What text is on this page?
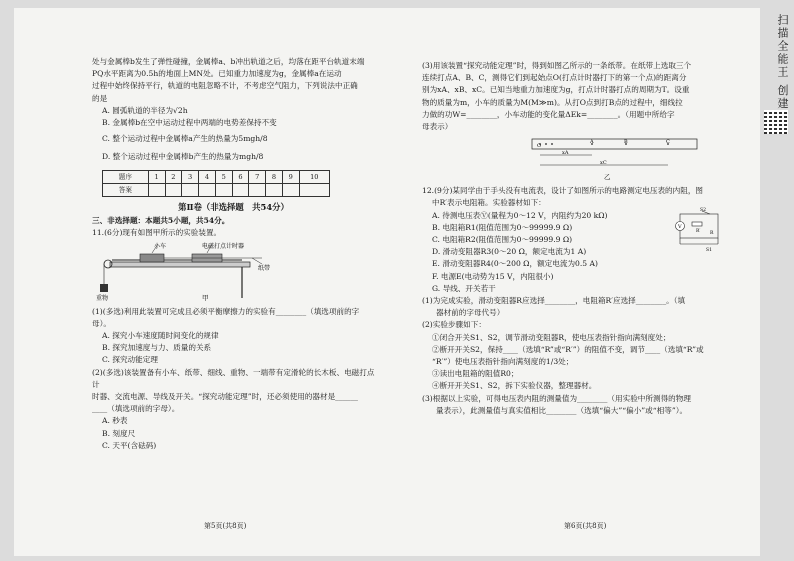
处与金属棒b发生了弹性碰撞，金属棒a、b冲出轨道之后，均落在距平台轨道末端

PQ水平距离为0.5h的地面上MN处。已知重力加速度为g，金属棒a在运动

过程中始终保持平行，轨道的电阻忽略不计，不考虑空气阻力，下列说法中正确

的是

A. 圆弧轨道的半径为√2h

B. 金属棒b在空中运动过程中两端的电势差保持不变

C. 整个运动过程中金属棒a产生的热量为5mgh/8

D. 整个运动过程中金属棒b产生的热量为mgh/8

题序	1	2	3	4	5	6	7	8	9	10
答案										

第Ⅱ卷（非选择题　共54分）

三、非选择题：本题共5小题，共54分。

11.(6分)现有如图甲所示的实验装置。

小车	电磁打点计时器
纸带
重物	甲

(1)(多选)利用此装置可完成且必须平衡摩擦力的实验有________（填选项前的字母）。

A. 探究小车速度随时间变化的规律

B. 探究加速度与力、质量的关系

C. 探究动能定理

(2)(多选)该装置备有小车、纸带、细线、重物、一端带有定滑轮的长木板、电磁打点计

时器、交流电源、导线及开关。“探究动能定理”时，还必须使用的器材是______

____（填选项前的字母）。

A. 秒表

B. 刻度尺

C. 天平(含砝码)

第5页(共8页)

(3)用该装置“探究动能定理”时，得到如图乙所示的一条纸带。在纸带上选取三个

连续打点A、B、C，测得它们到起始点O(打点计时器打下的第一个点)的距离分

别为xA、xB、xC。已知当地重力加速度为g，打点计时器打点的周期为T。设重

物的质量为m，小车的质量为M(M≫m)。从打O点到打B点的过程中，细线拉

力做的功W=________，小车动能的变化量ΔEk=________。（用题中所给字

母表示）

O
A	B	C
xA
xC
乙

12.(9分)某同学由于手头没有电流表，设计了如图所示的电路测定电压表的内阻，图

中R′表示电阻箱。实验器材如下：

A. 待测电压表Ⓥ(量程为0～12 V，内阻约为20 kΩ)

B. 电阻箱R1(阻值范围为0～99999.9 Ω)

C. 电阻箱R2(阻值范围为0～99999.9 Ω)

D. 滑动变阻器R3(0～20 Ω，额定电流为1 A)

E. 滑动变阻器R4(0～200 Ω，额定电流为0.5 A)

F. 电源E(电动势为15 V，内阻很小)

G. 导线、开关若干

V
S2
R′ R
S1

(1)为完成实验，滑动变阻器R应选择________，电阻箱R′应选择________。（填

器材前的字母代号）

(2)实验步骤如下：

①闭合开关S1、S2，调节滑动变阻器R，使电压表指针指向满刻度处；

②断开开关S2，保持____（选填“R”或“R′”）的阻值不变，调节____（选填“R”或

“R′”）使电压表指针指向满刻度的1/3处；

③读出电阻箱的阻值R0；

④断开开关S1、S2，拆下实验仪器，整理器材。

(3)根据以上实验，可得电压表内阻的测量值为________（用实验中所测得的物理

量表示），此测量值与真实值相比________（选填“偏大”“偏小”或“相等”）。

第6页(共8页)
扫描全能王 创建
